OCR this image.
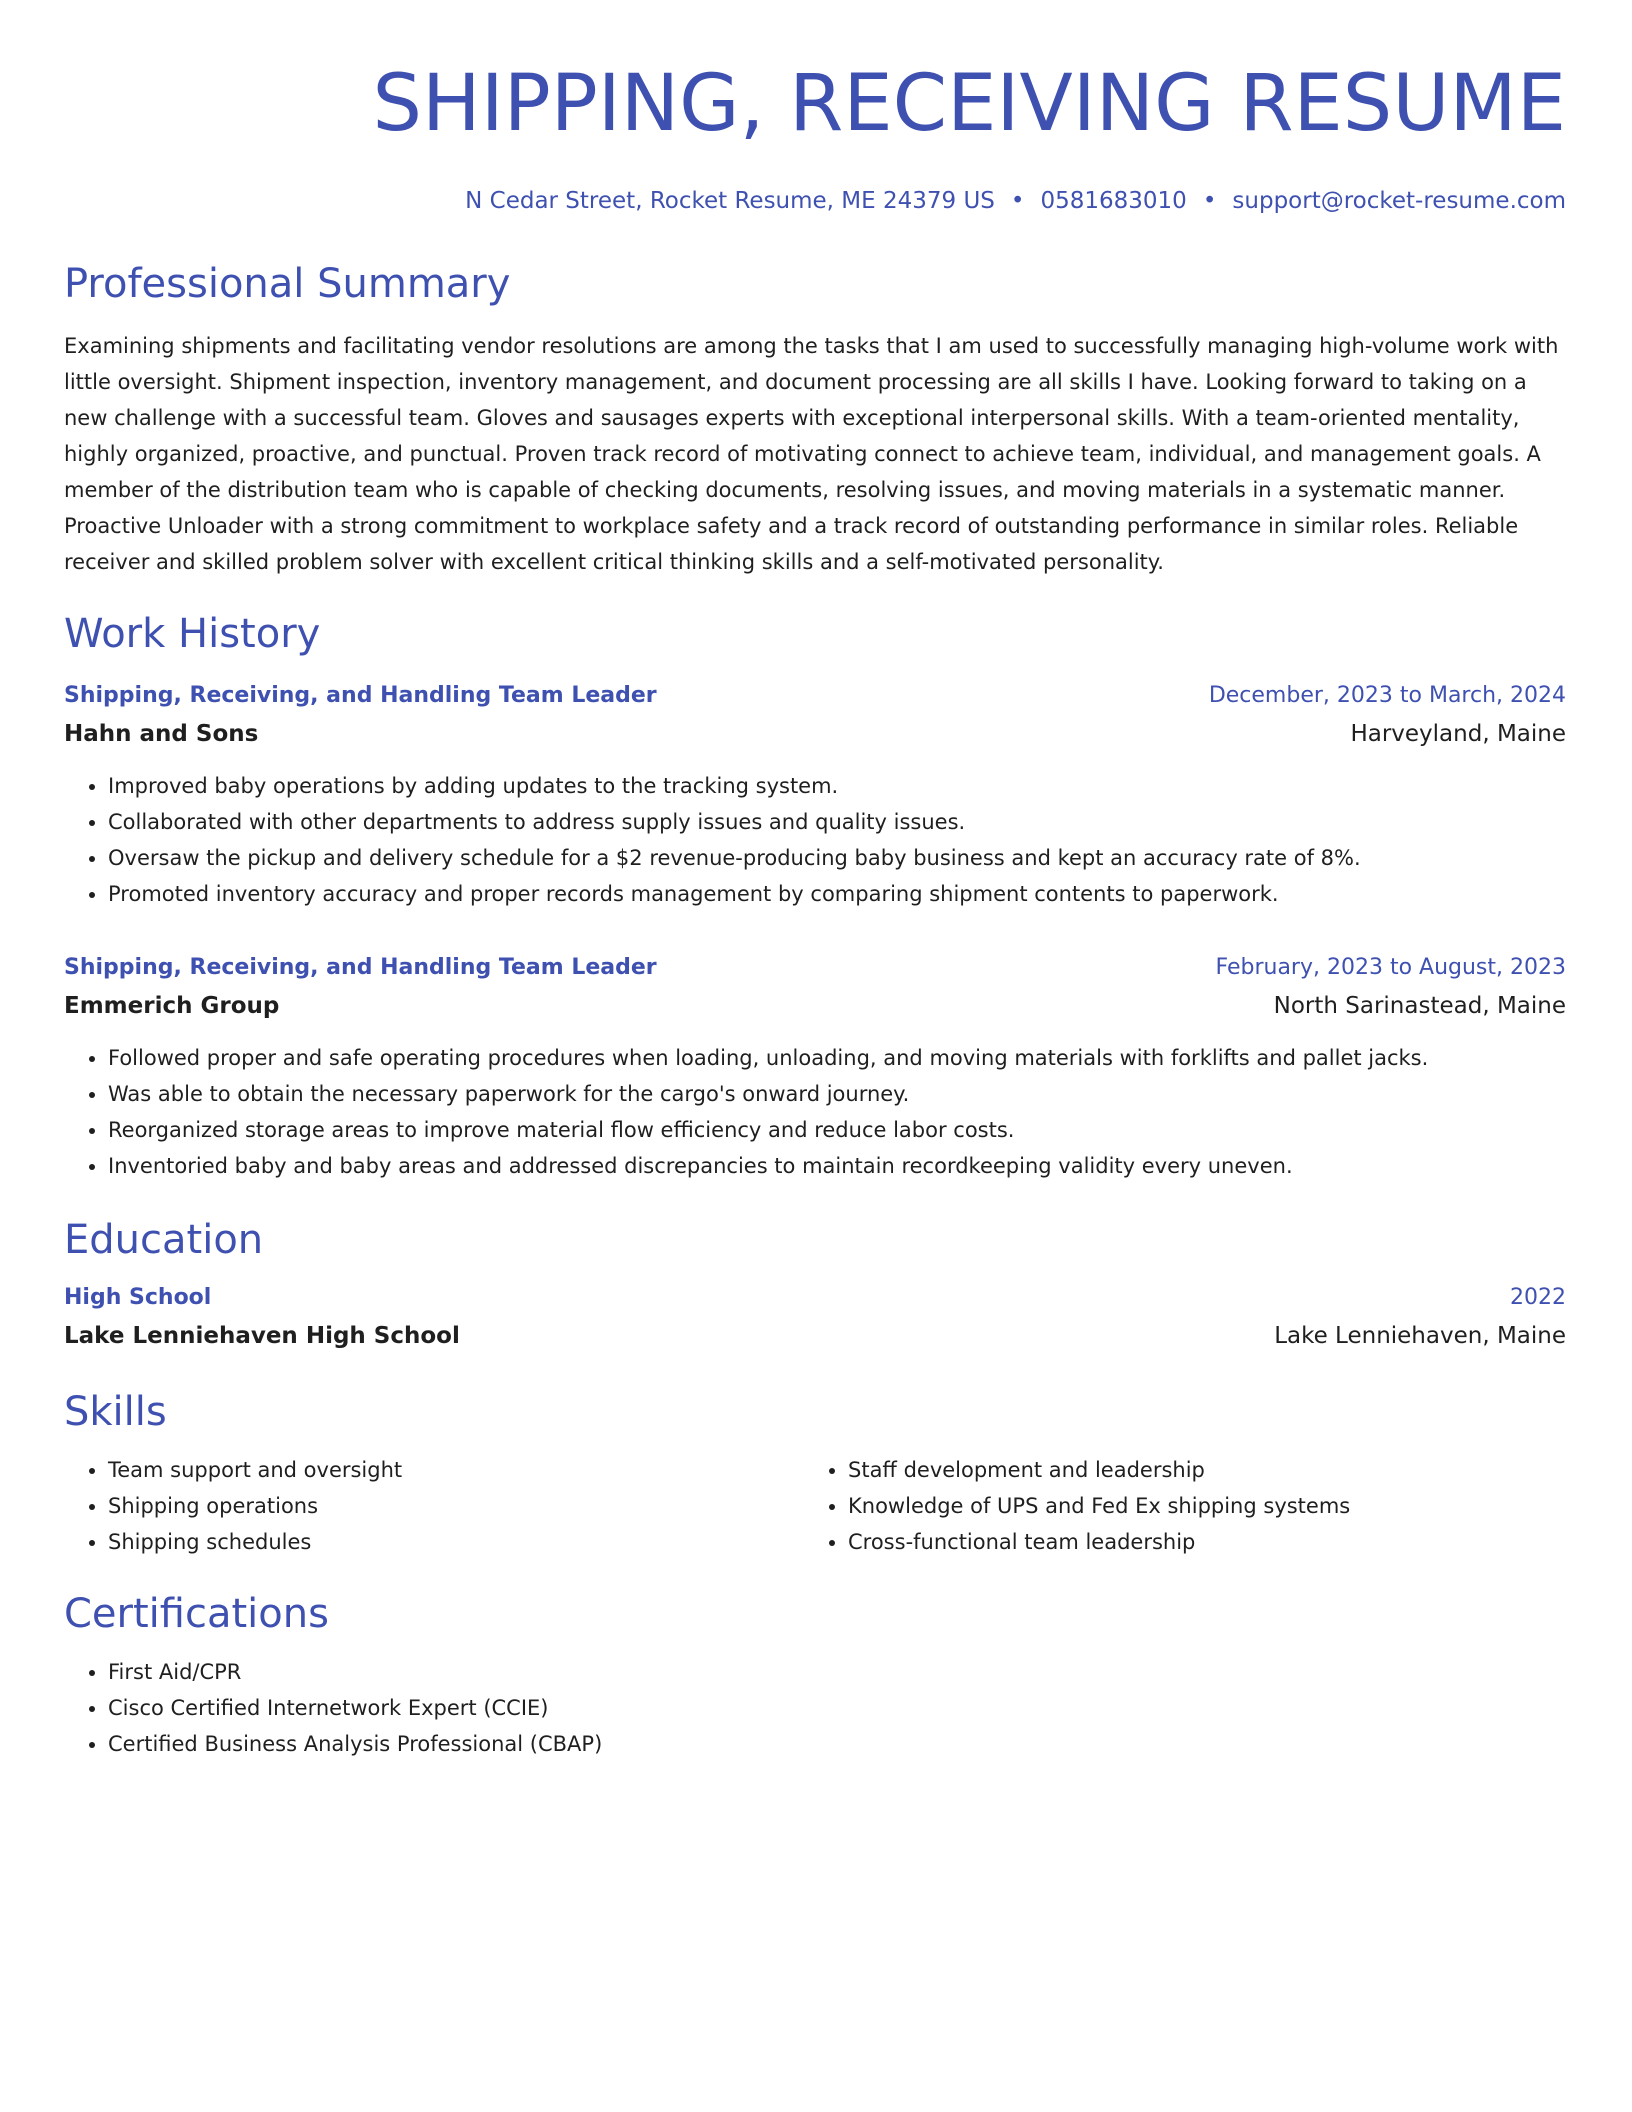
SHIPPING, RECEIVING RESUME
N Cedar Street, Rocket Resume, ME 24379 US • 0581683010 • support@rocket-resume.com
Professional Summary

Examining shipments and facilitating vendor resolutions are among the tasks that I am used to successfully managing high-volume work with little oversight. Shipment inspection, inventory management, and document processing are all skills I have. Looking forward to taking on a new challenge with a successful team. Gloves and sausages experts with exceptional interpersonal skills. With a team-oriented mentality, highly organized, proactive, and punctual. Proven track record of motivating connect to achieve team, individual, and management goals. A member of the distribution team who is capable of checking documents, resolving issues, and moving materials in a systematic manner. Proactive Unloader with a strong commitment to workplace safety and a track record of outstanding performance in similar roles. Reliable receiver and skilled problem solver with excellent critical thinking skills and a self-motivated personality.

Work History
Shipping, Receiving, and Handling Team Leader	December, 2023 to March, 2024
Hahn and Sons	Harveyland, Maine
• Improved baby operations by adding updates to the tracking system.
• Collaborated with other departments to address supply issues and quality issues.
• Oversaw the pickup and delivery schedule for a $2 revenue-producing baby business and kept an accuracy rate of 8%.
• Promoted inventory accuracy and proper records management by comparing shipment contents to paperwork.
Shipping, Receiving, and Handling Team Leader	February, 2023 to August, 2023
Emmerich Group	North Sarinastead, Maine
• Followed proper and safe operating procedures when loading, unloading, and moving materials with forklifts and pallet jacks.
• Was able to obtain the necessary paperwork for the cargo's onward journey.
• Reorganized storage areas to improve material flow efficiency and reduce labor costs.
• Inventoried baby and baby areas and addressed discrepancies to maintain recordkeeping validity every uneven.
Education
High School	2022
Lake Lenniehaven High School	Lake Lenniehaven, Maine
Skills
• Team support and oversight
• Shipping operations
• Shipping schedules
• Staff development and leadership
• Knowledge of UPS and Fed Ex shipping systems
• Cross-functional team leadership
Certifications
• First Aid/CPR
• Cisco Certified Internetwork Expert (CCIE)
• Certified Business Analysis Professional (CBAP)
